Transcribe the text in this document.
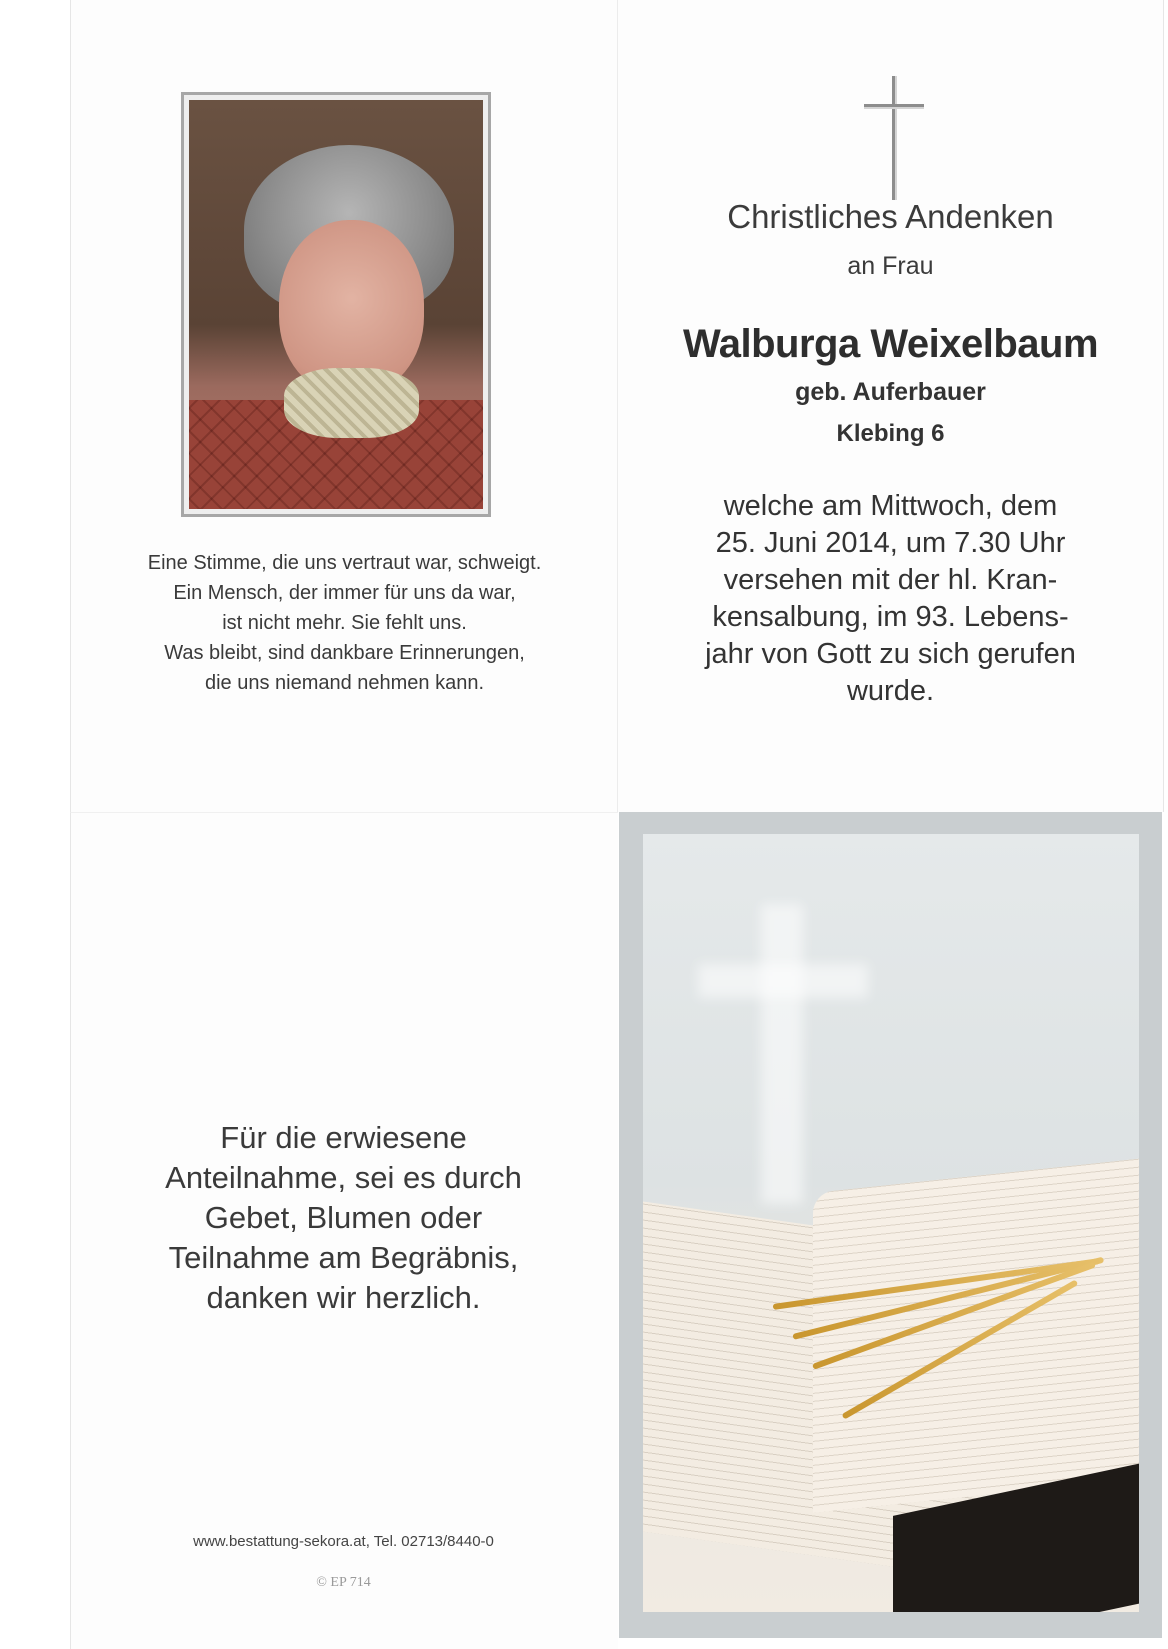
Eine Stimme, die uns vertraut war, schweigt.
Ein Mensch, der immer für uns da war,
ist nicht mehr. Sie fehlt uns.
Was bleibt, sind dankbare Erinnerungen,
die uns niemand nehmen kann.
Christliches Andenken
an Frau
Walburga Weixelbaum
geb. Auferbauer
Klebing 6
welche am Mittwoch, dem
25. Juni 2014, um 7.30 Uhr
versehen mit der hl. Kran-
kensalbung, im 93. Lebens-
jahr von Gott zu sich gerufen
wurde.
Für die erwiesene
Anteilnahme, sei es durch
Gebet, Blumen oder
Teilnahme am Begräbnis,
danken wir herzlich.
www.bestattung-sekora.at, Tel. 02713/8440-0
© EP 714
